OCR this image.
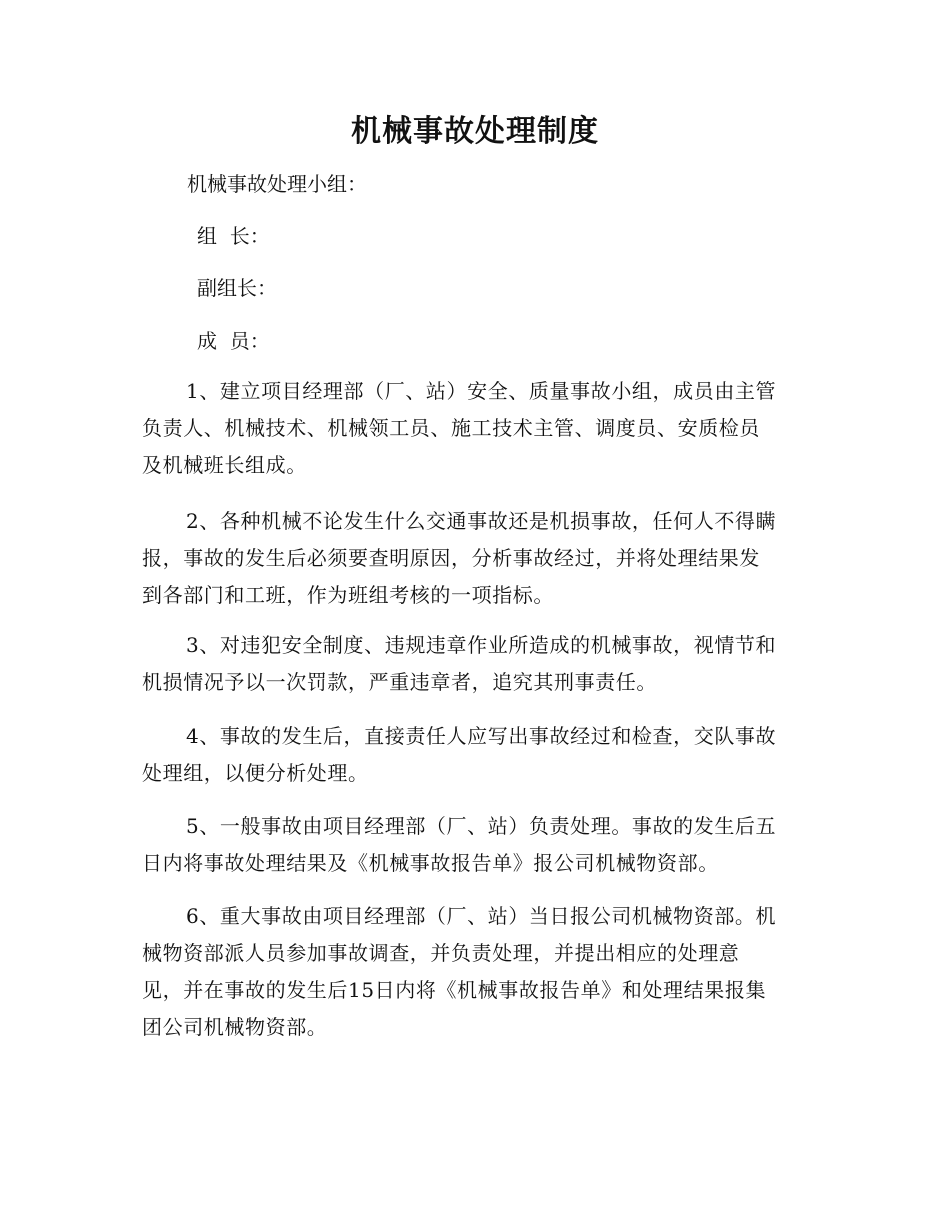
机械事故处理制度

机械事故处理小组：

组  长：

副组长：

成  员：

1、建立项目经理部（厂、站）安全、质量事故小组，成员由主管
负责人、机械技术、机械领工员、施工技术主管、调度员、安质检员
及机械班长组成。
2、各种机械不论发生什么交通事故还是机损事故，任何人不得瞒
报，事故的发生后必须要查明原因，分析事故经过，并将处理结果发
到各部门和工班，作为班组考核的一项指标。
3、对违犯安全制度、违规违章作业所造成的机械事故，视情节和
机损情况予以一次罚款，严重违章者，追究其刑事责任。
4、事故的发生后，直接责任人应写出事故经过和检查，交队事故
处理组，以便分析处理。
5、一般事故由项目经理部（厂、站）负责处理。事故的发生后五
日内将事故处理结果及《机械事故报告单》报公司机械物资部。
6、重大事故由项目经理部（厂、站）当日报公司机械物资部。机
械物资部派人员参加事故调查，并负责处理，并提出相应的处理意
见，并在事故的发生后15日内将《机械事故报告单》和处理结果报集
团公司机械物资部。
